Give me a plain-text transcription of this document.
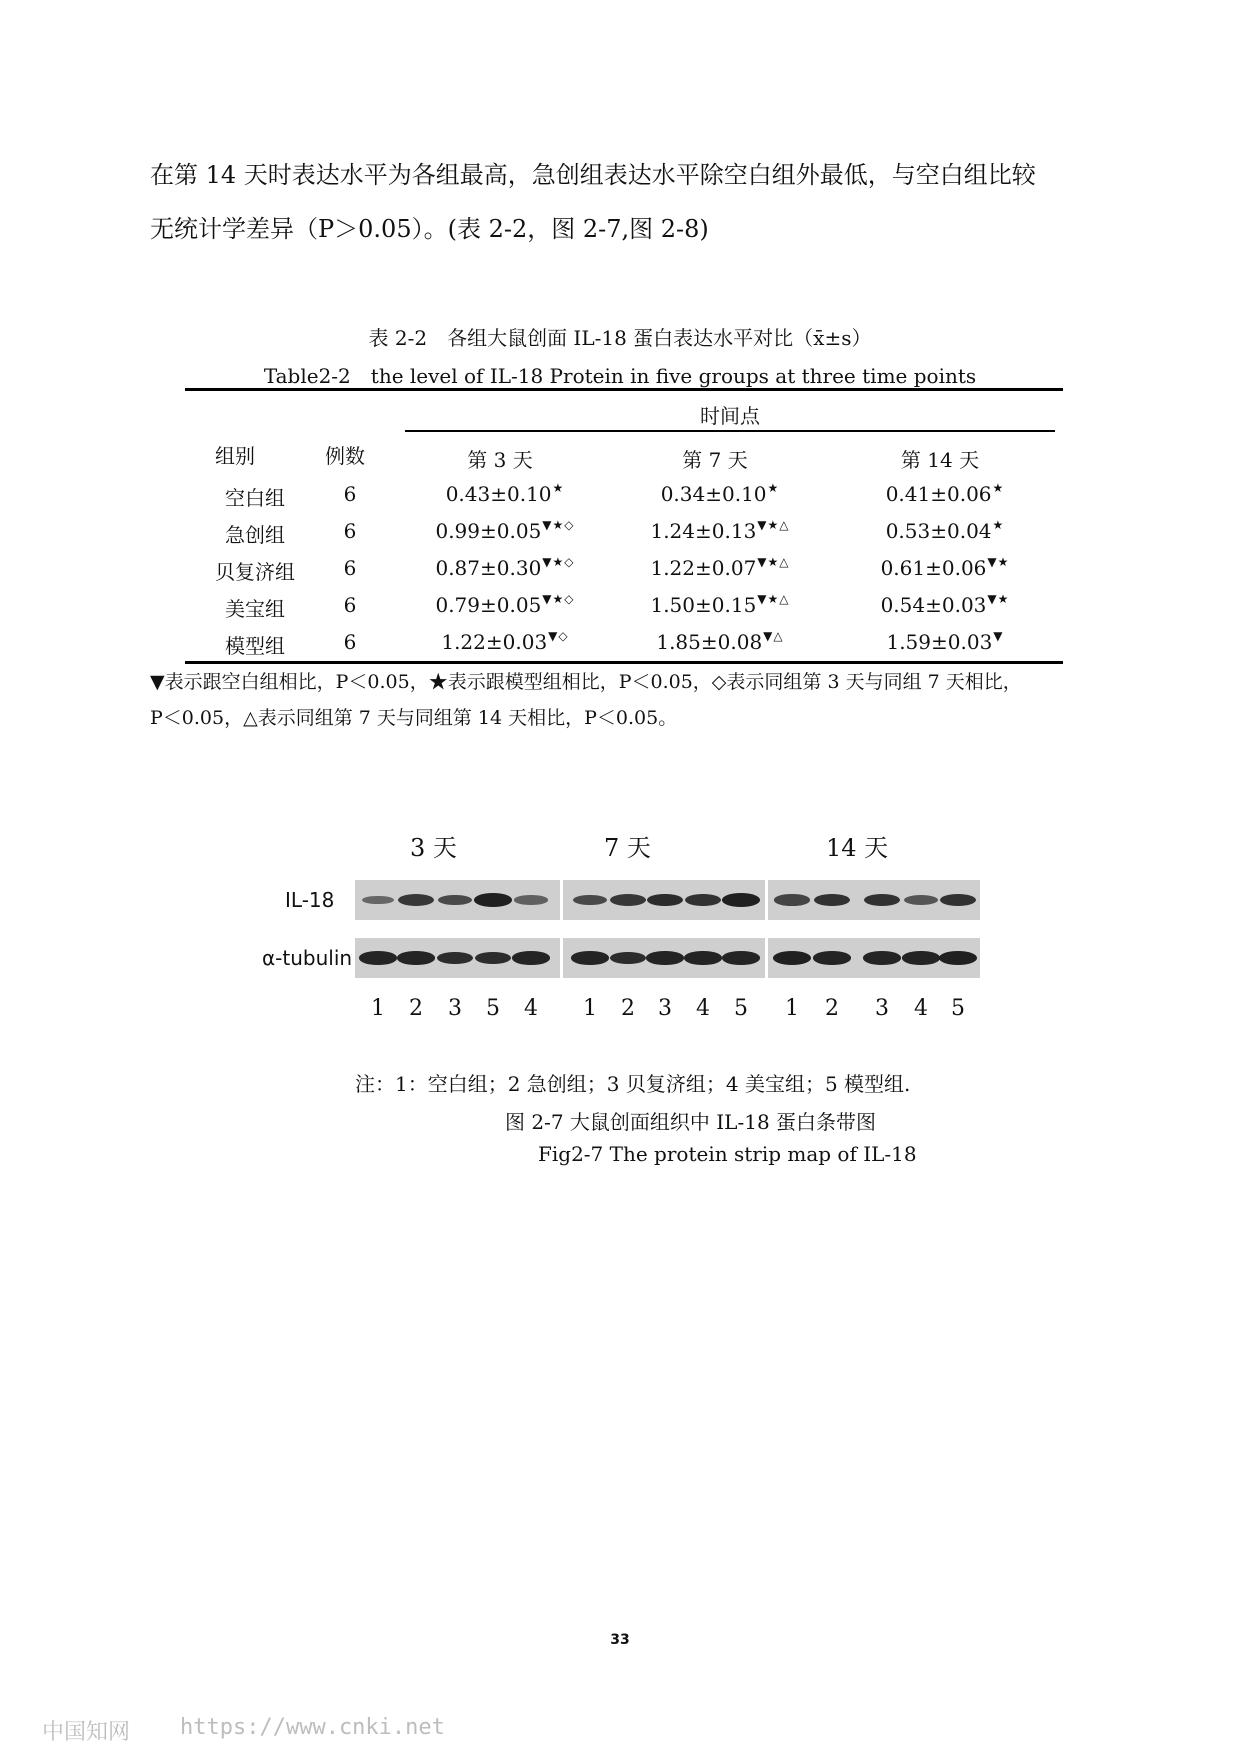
在第 14 天时表达水平为各组最高，急创组表达水平除空白组外最低，与空白组比较
无统计学差异（P＞0.05）。(表 2-2，图 2-7,图 2-8)
表 2-2　各组大鼠创面 IL-18 蛋白表达水平对比（x̄±s）
Table2-2　the level of IL-18 Protein in five groups at three time points
时间点
组别	例数	第 3 天	第 7 天	第 14 天
空白组	6	0.43±0.10★	0.34±0.10★	0.41±0.06★
急创组	6	0.99±0.05▼★◇	1.24±0.13▼★△	0.53±0.04★
贝复济组	6	0.87±0.30▼★◇	1.22±0.07▼★△	0.61±0.06▼★
美宝组	6	0.79±0.05▼★◇	1.50±0.15▼★△	0.54±0.03▼★
模型组	6	1.22±0.03▼◇	1.85±0.08▼△	1.59±0.03▼
▼表示跟空白组相比，P＜0.05，★表示跟模型组相比，P＜0.05，◇表示同组第 3 天与同组 7 天相比，
P＜0.05，△表示同组第 7 天与同组第 14 天相比，P＜0.05。
3 天	7 天	14 天
IL-18
α-tubulin
1	2	3	5	4	1	2	3	4	5	1	2	3	4	5
注：1：空白组；2 急创组；3 贝复济组；4 美宝组；5 模型组.
图 2-7 大鼠创面组织中 IL-18 蛋白条带图
Fig2-7 The protein strip map of IL-18
33
中国知网 https://www.cnki.net
